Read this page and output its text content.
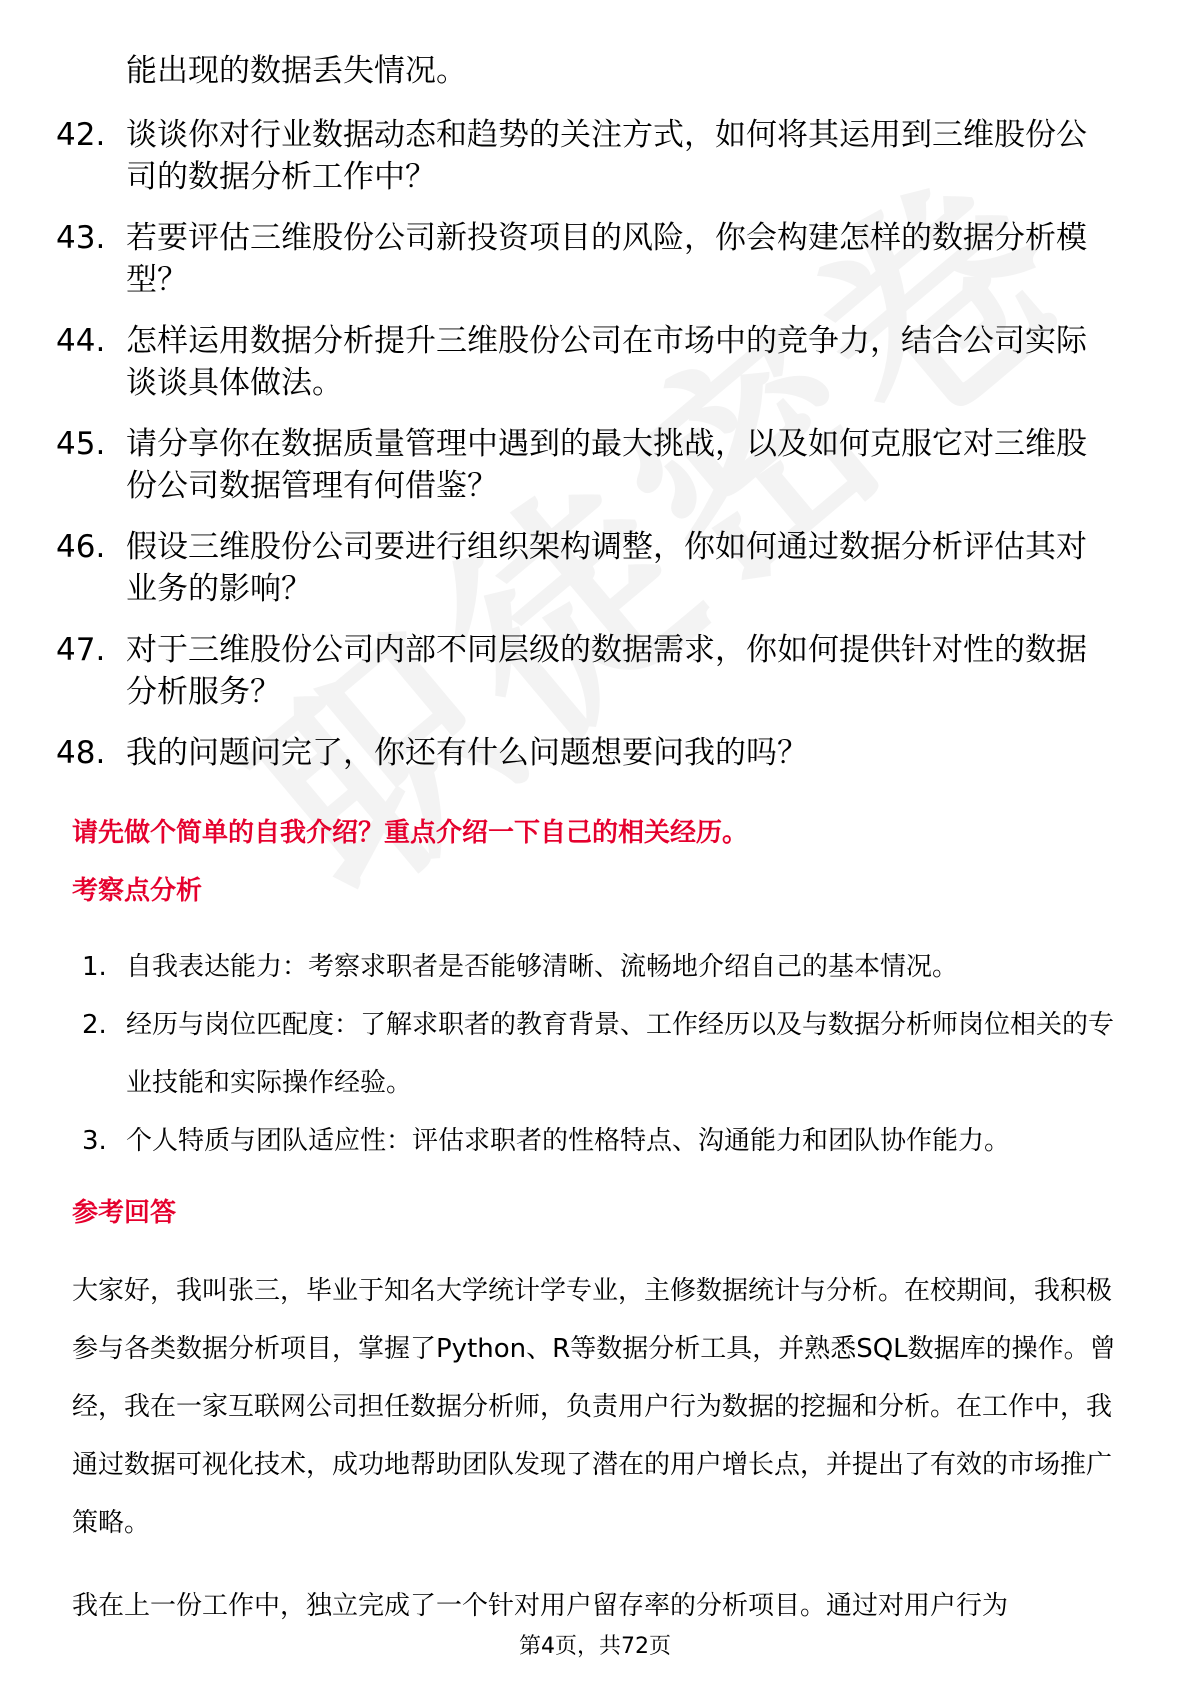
能出现的数据丢失情况。
42. 谈谈你对行业数据动态和趋势的关注方式，如何将其运用到三维股份公司的数据分析工作中？
43. 若要评估三维股份公司新投资项目的风险，你会构建怎样的数据分析模型？
44. 怎样运用数据分析提升三维股份公司在市场中的竞争力，结合公司实际谈谈具体做法。
45. 请分享你在数据质量管理中遇到的最大挑战，以及如何克服它对三维股份公司数据管理有何借鉴？
46. 假设三维股份公司要进行组织架构调整，你如何通过数据分析评估其对业务的影响？
47. 对于三维股份公司内部不同层级的数据需求，你如何提供针对性的数据分析服务？
48. 我的问题问完了，你还有什么问题想要问我的吗？
请先做个简单的自我介绍？重点介绍一下自己的相关经历。
考察点分析
1. 自我表达能力：考察求职者是否能够清晰、流畅地介绍自己的基本情况。
2. 经历与岗位匹配度：了解求职者的教育背景、工作经历以及与数据分析师岗位相关的专业技能和实际操作经验。
3. 个人特质与团队适应性：评估求职者的性格特点、沟通能力和团队协作能力。
参考回答

大家好，我叫张三，毕业于知名大学统计学专业，主修数据统计与分析。在校期间，我积极参与各类数据分析项目，掌握了Python、R等数据分析工具，并熟悉SQL数据库的操作。曾经，我在一家互联网公司担任数据分析师，负责用户行为数据的挖掘和分析。在工作中，我通过数据可视化技术，成功地帮助团队发现了潜在的用户增长点，并提出了有效的市场推广策略。

我在上一份工作中，独立完成了一个针对用户留存率的分析项目。通过对用户行为

第4页，共72页
